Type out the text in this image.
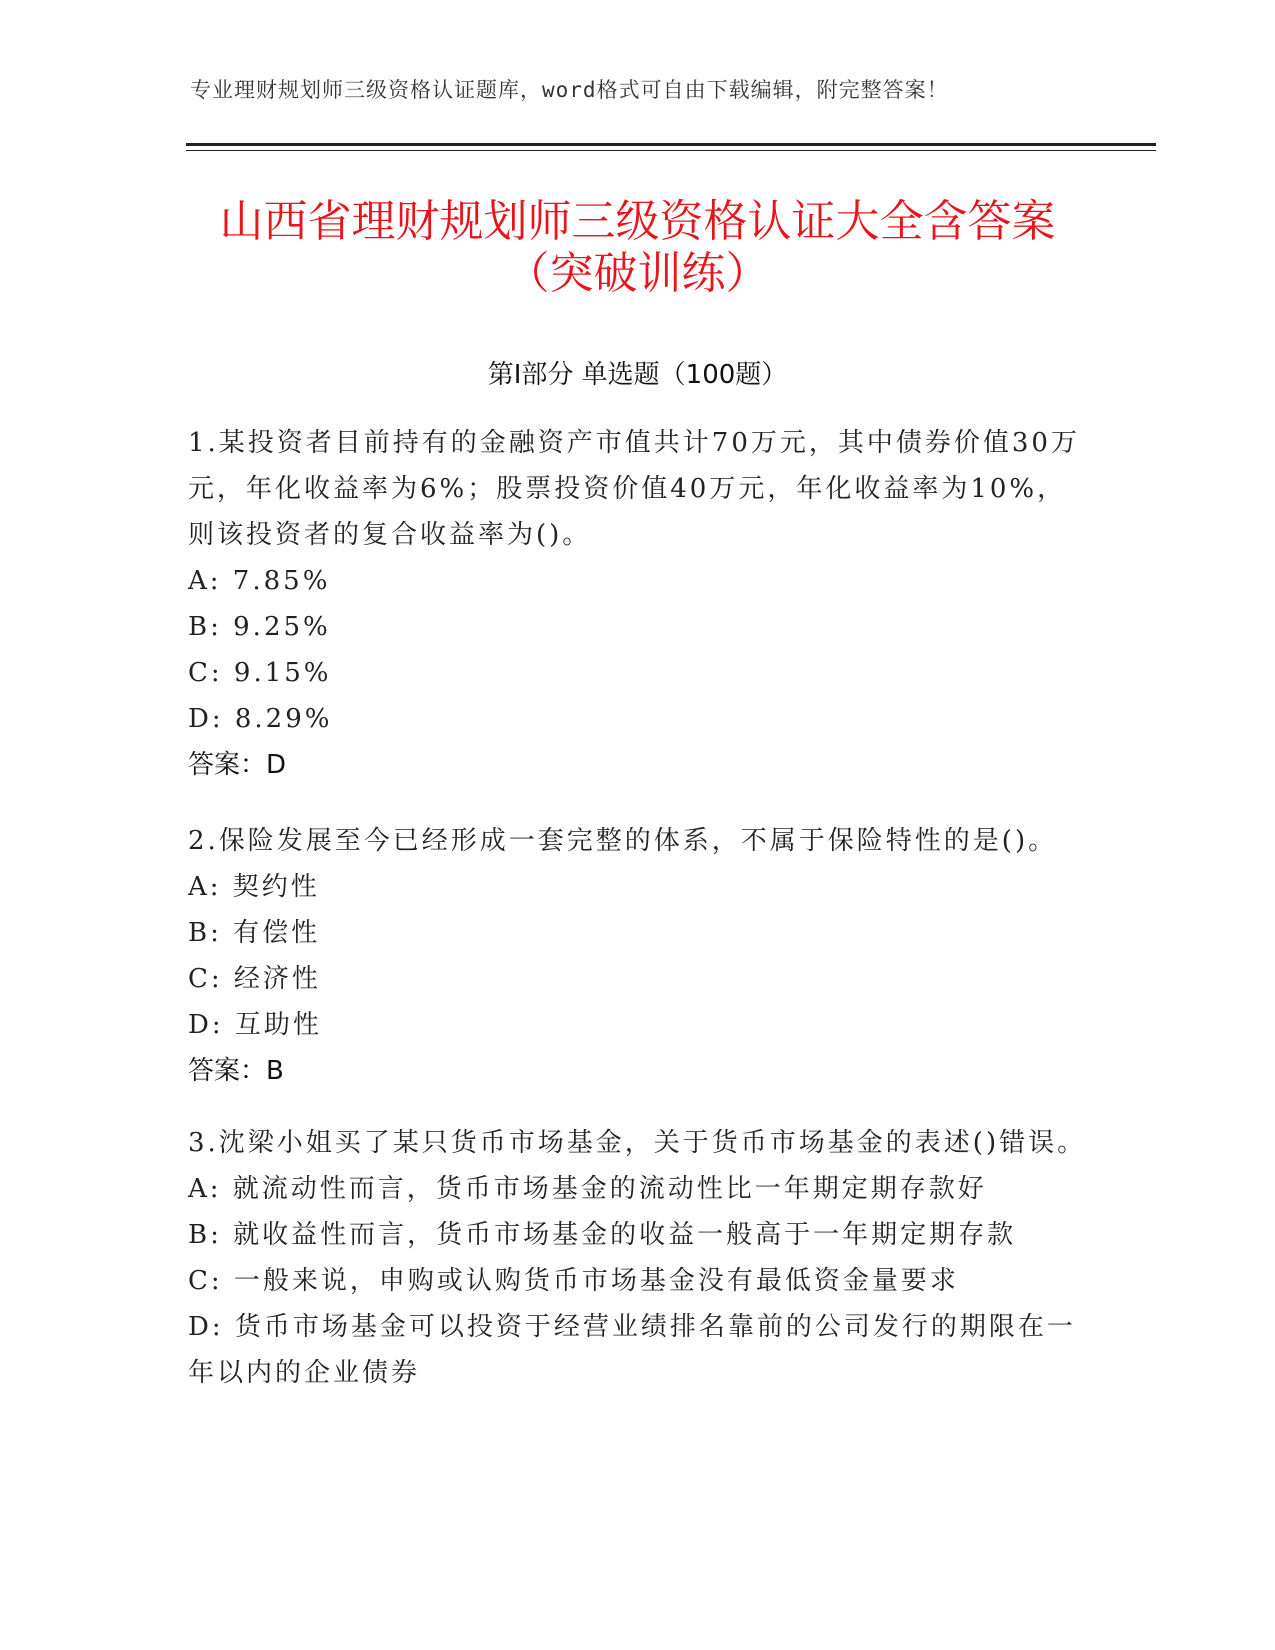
专业理财规划师三级资格认证题库，word格式可自由下载编辑，附完整答案！
山西省理财规划师三级资格认证大全含答案
（突破训练）
第Ⅰ部分 单选题（100题）
1.某投资者目前持有的金融资产市值共计70万元，其中债券价值30万元，年化收益率为6%；股票投资价值40万元，年化收益率为10%，则该投资者的复合收益率为()。
A: 7.85%
B: 9.25%
C: 9.15%
D: 8.29%
答案：D
2.保险发展至今已经形成一套完整的体系，不属于保险特性的是()。
A: 契约性
B: 有偿性
C: 经济性
D: 互助性
答案：B
3.沈梁小姐买了某只货币市场基金，关于货币市场基金的表述()错误。
A: 就流动性而言，货币市场基金的流动性比一年期定期存款好
B: 就收益性而言，货币市场基金的收益一般高于一年期定期存款
C: 一般来说，申购或认购货币市场基金没有最低资金量要求
D: 货币市场基金可以投资于经营业绩排名靠前的公司发行的期限在一年以内的企业债券
